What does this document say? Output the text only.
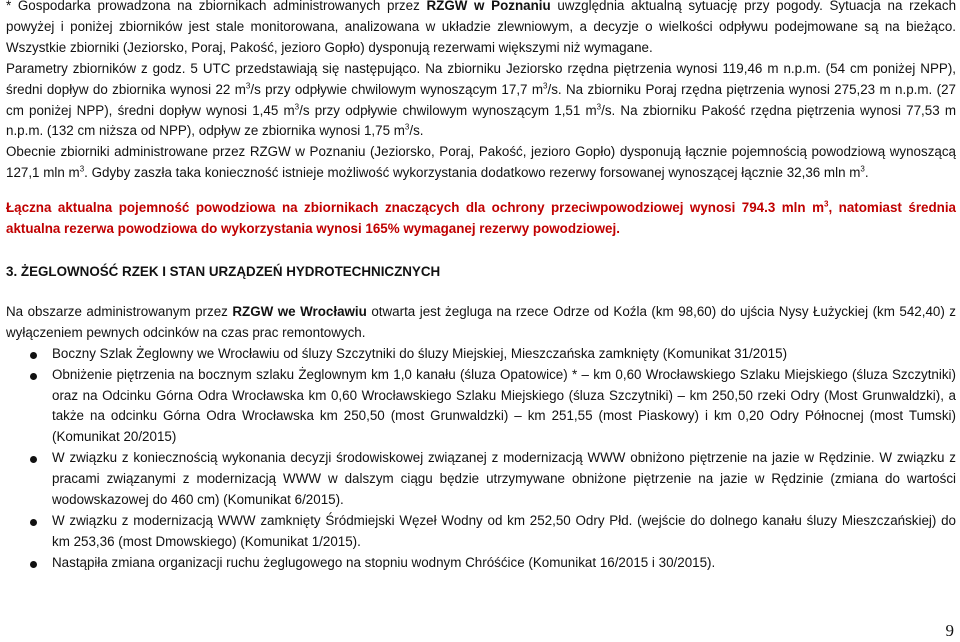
* Gospodarka prowadzona na zbiornikach administrowanych przez RZGW w Poznaniu uwzględnia aktualną sytuację przy pogody. Sytuacja na rzekach powyżej i poniżej zbiorników jest stale monitorowana, analizowana w układzie zlewniowym, a decyzje o wielkości odpływu podejmowane są na bieżąco. Wszystkie zbiorniki (Jeziorsko, Poraj, Pakość, jezioro Gopło) dysponują rezerwami większymi niż wymagane.

Parametry zbiorników z godz. 5 UTC przedstawiają się następująco. Na zbiorniku Jeziorsko rzędna piętrzenia wynosi 119,46 m n.p.m. (54 cm poniżej NPP), średni dopływ do zbiornika wynosi 22 $m^3/s$ przy odpływie chwilowym wynoszącym 17,7 $m^3/s$. Na zbiorniku Poraj rzędna piętrzenia wynosi 275,23 m n.p.m. (27 cm poniżej NPP), średni dopływ wynosi 1,45 $m^3/s$ przy odpływie chwilowym wynoszącym 1,51 $m^3/s$. Na zbiorniku Pakość rzędna piętrzenia wynosi 77,53 m n.p.m. (132 cm niższa od NPP), odpływ ze zbiornika wynosi 1,75 $m^3/s$.

Obecnie zbiorniki administrowane przez RZGW w Poznaniu (Jeziorsko, Poraj, Pakość, jezioro Gopło) dysponują łącznie pojemnością powodziową wynoszącą 127,1 mln $m^3$. Gdyby zaszła taka konieczność istnieje możliwość wykorzystania dodatkowo rezerwy forsowanej wynoszącej łącznie 32,36 mln $m^3$.

Łączna aktualna pojemność powodziowa na zbiornikach znaczących dla ochrony przeciwpowodziowej wynosi 794.3 mln $m^3$, natomiast średnia aktualna rezerwa powodziowa do wykorzystania wynosi 165% wymaganej rezerwy powodziowej.

3. ŻEGLOWNOŚĆ RZEK I STAN URZĄDZEŃ HYDROTECHNICZNYCH

Na obszarze administrowanym przez RZGW we Wrocławiu otwarta jest żegluga na rzece Odrze od Koźla (km 98,60) do ujścia Nysy Łużyckiej (km 542,40) z wyłączeniem pewnych odcinków na czas prac remontowych.

Boczny Szlak Żeglowny we Wrocławiu od śluzy Szczytniki do śluzy Miejskiej, Mieszczańska zamknięty (Komunikat 31/2015)
Obniżenie piętrzenia na bocznym szlaku Żeglownym km 1,0 kanału (śluza Opatowice) * – km 0,60 Wrocławskiego Szlaku Miejskiego (śluza Szczytniki) oraz na Odcinku Górna Odra Wrocławska km 0,60 Wrocławskiego Szlaku Miejskiego (śluza Szczytniki) – km 250,50 rzeki Odry (Most Grunwaldzki), a także na odcinku Górna Odra Wrocławska km 250,50 (most Grunwaldzki) – km 251,55 (most Piaskowy) i km 0,20 Odry Północnej (most Tumski) (Komunikat 20/2015)
W związku z koniecznością wykonania decyzji środowiskowej związanej z modernizacją WWW obniżono piętrzenie na jazie w Rędzinie. W związku z pracami związanymi z modernizacją WWW w dalszym ciągu będzie utrzymywane obniżone piętrzenie na jazie w Rędzinie (zmiana do wartości wodowskazowej do 460 cm) (Komunikat 6/2015).
W związku z modernizacją WWW zamknięty Śródmiejski Węzeł Wodny od km 252,50 Odry Płd. (wejście do dolnego kanału śluzy Mieszczańskiej) do km 253,36 (most Dmowskiego) (Komunikat 1/2015).
Nastąpiła zmiana organizacji ruchu żeglugowego na stopniu wodnym Chróśćice (Komunikat 16/2015 i 30/2015).
9
